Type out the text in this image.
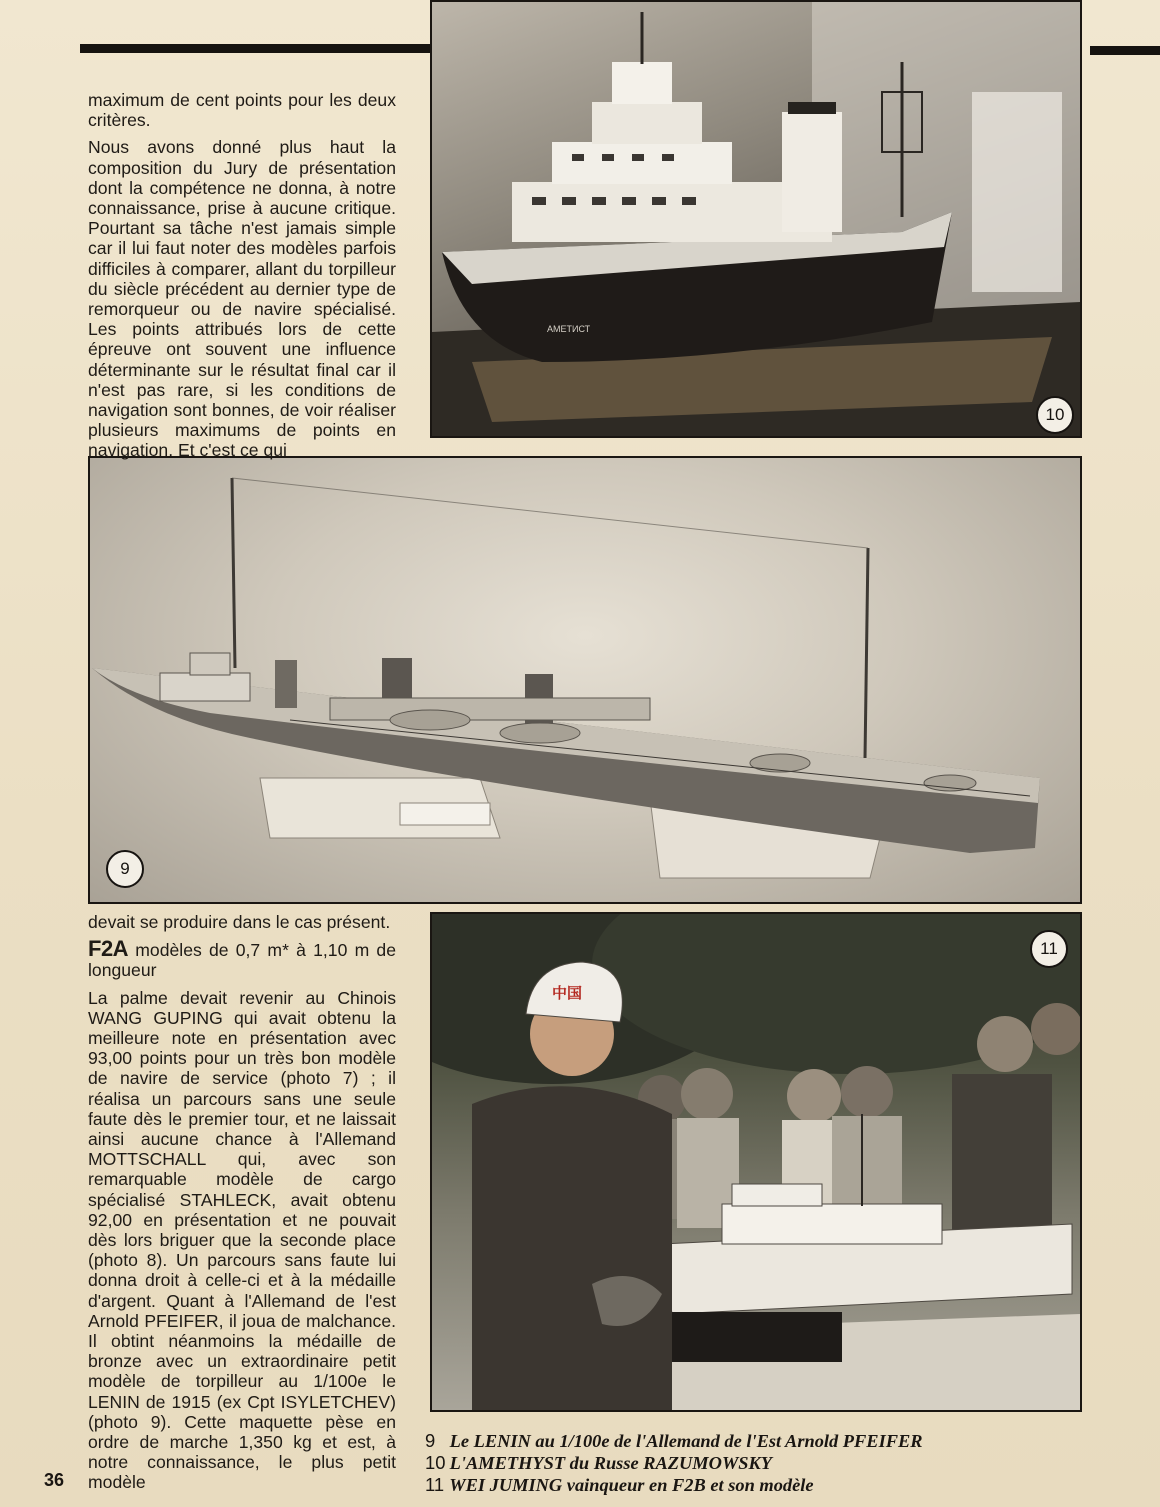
АМЕТИСТ
10
9
中国
11

maximum de cent points pour les deux critères.

Nous avons donné plus haut la composition du Jury de présentation dont la compétence ne donna, à notre connaissance, prise à aucune critique. Pourtant sa tâche n'est jamais simple car il lui faut noter des modèles parfois difficiles à comparer, allant du torpilleur du siècle précédent au dernier type de remorqueur ou de navire spécialisé. Les points attribués lors de cette épreuve ont souvent une influence déterminante sur le résultat final car il n'est pas rare, si les conditions de navigation sont bonnes, de voir réaliser plusieurs maximums de points en navigation. Et c'est ce qui

devait se produire dans le cas présent.

F2A modèles de 0,7 m* à 1,10 m de longueur

La palme devait revenir au Chinois WANG GUPING qui avait obtenu la meilleure note en présentation avec 93,00 points pour un très bon modèle de navire de service (photo 7) ; il réalisa un parcours sans une seule faute dès le premier tour, et ne laissait ainsi aucune chance à l'Allemand MOTTSCHALL qui, avec son remarquable modèle de cargo spécialisé STAHLECK, avait obtenu 92,00 en présentation et ne pouvait dès lors briguer que la seconde place (photo 8). Un parcours sans faute lui donna droit à celle-ci et à la médaille d'argent. Quant à l'Allemand de l'est Arnold PFEIFER, il joua de malchance. Il obtint néanmoins la médaille de bronze avec un extraordinaire petit modèle de torpilleur au 1/100e le LENIN de 1915 (ex Cpt ISYLETCHEV) (photo 9). Cette maquette pèse en ordre de marche 1,350 kg et est, à notre connaissance, le plus petit modèle

9 Le LENIN au 1/100e de l'Allemand de l'Est Arnold PFEIFER
10 L'AMETHYST du Russe RAZUMOWSKY
11 WEI JUMING vainqueur en F2B et son modèle
36
